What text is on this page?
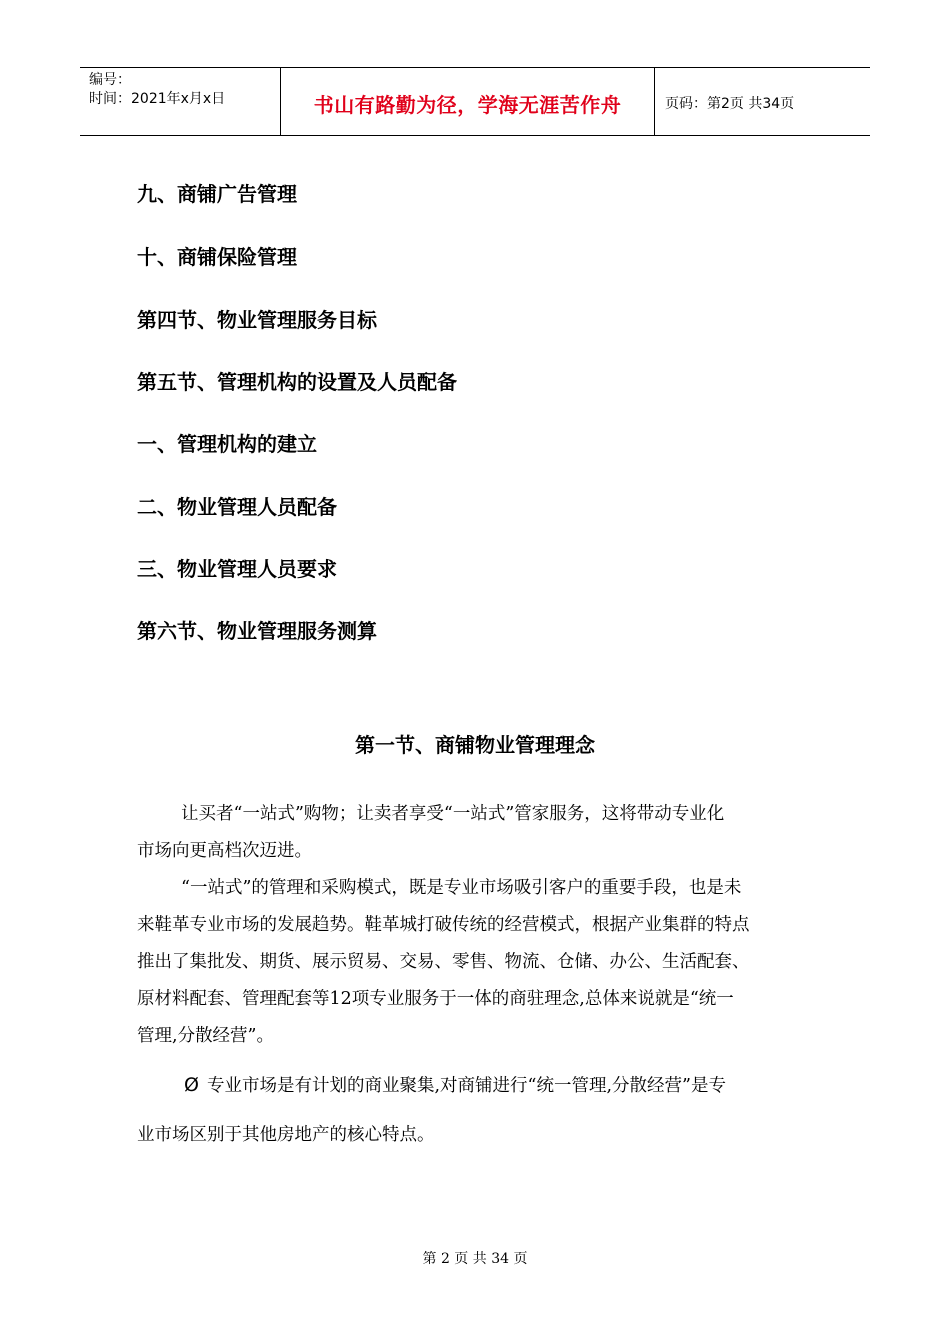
编号：
时间：2021年x月x日	书山有路勤为径，学海无涯苦作舟	页码：第2页 共34页
九、商铺广告管理
十、商铺保险管理
第四节、物业管理服务目标
第五节、管理机构的设置及人员配备
一、管理机构的建立
二、物业管理人员配备
三、物业管理人员要求
第六节、物业管理服务测算
第一节、商铺物业管理理念
让买者“一站式”购物；让卖者享受“一站式”管家服务，这将带动专业化
市场向更高档次迈进。
“一站式”的管理和采购模式，既是专业市场吸引客户的重要手段，也是未
来鞋革专业市场的发展趋势。鞋革城打破传统的经营模式，根据产业集群的特点
推出了集批发、期货、展示贸易、交易、零售、物流、仓储、办公、生活配套、
原材料配套、管理配套等12项专业服务于一体的商驻理念,总体来说就是“统一
管理,分散经营”。
Ø 专业市场是有计划的商业聚集,对商铺进行“统一管理,分散经营”是专
业市场区别于其他房地产的核心特点。
第 2 页 共 34 页
